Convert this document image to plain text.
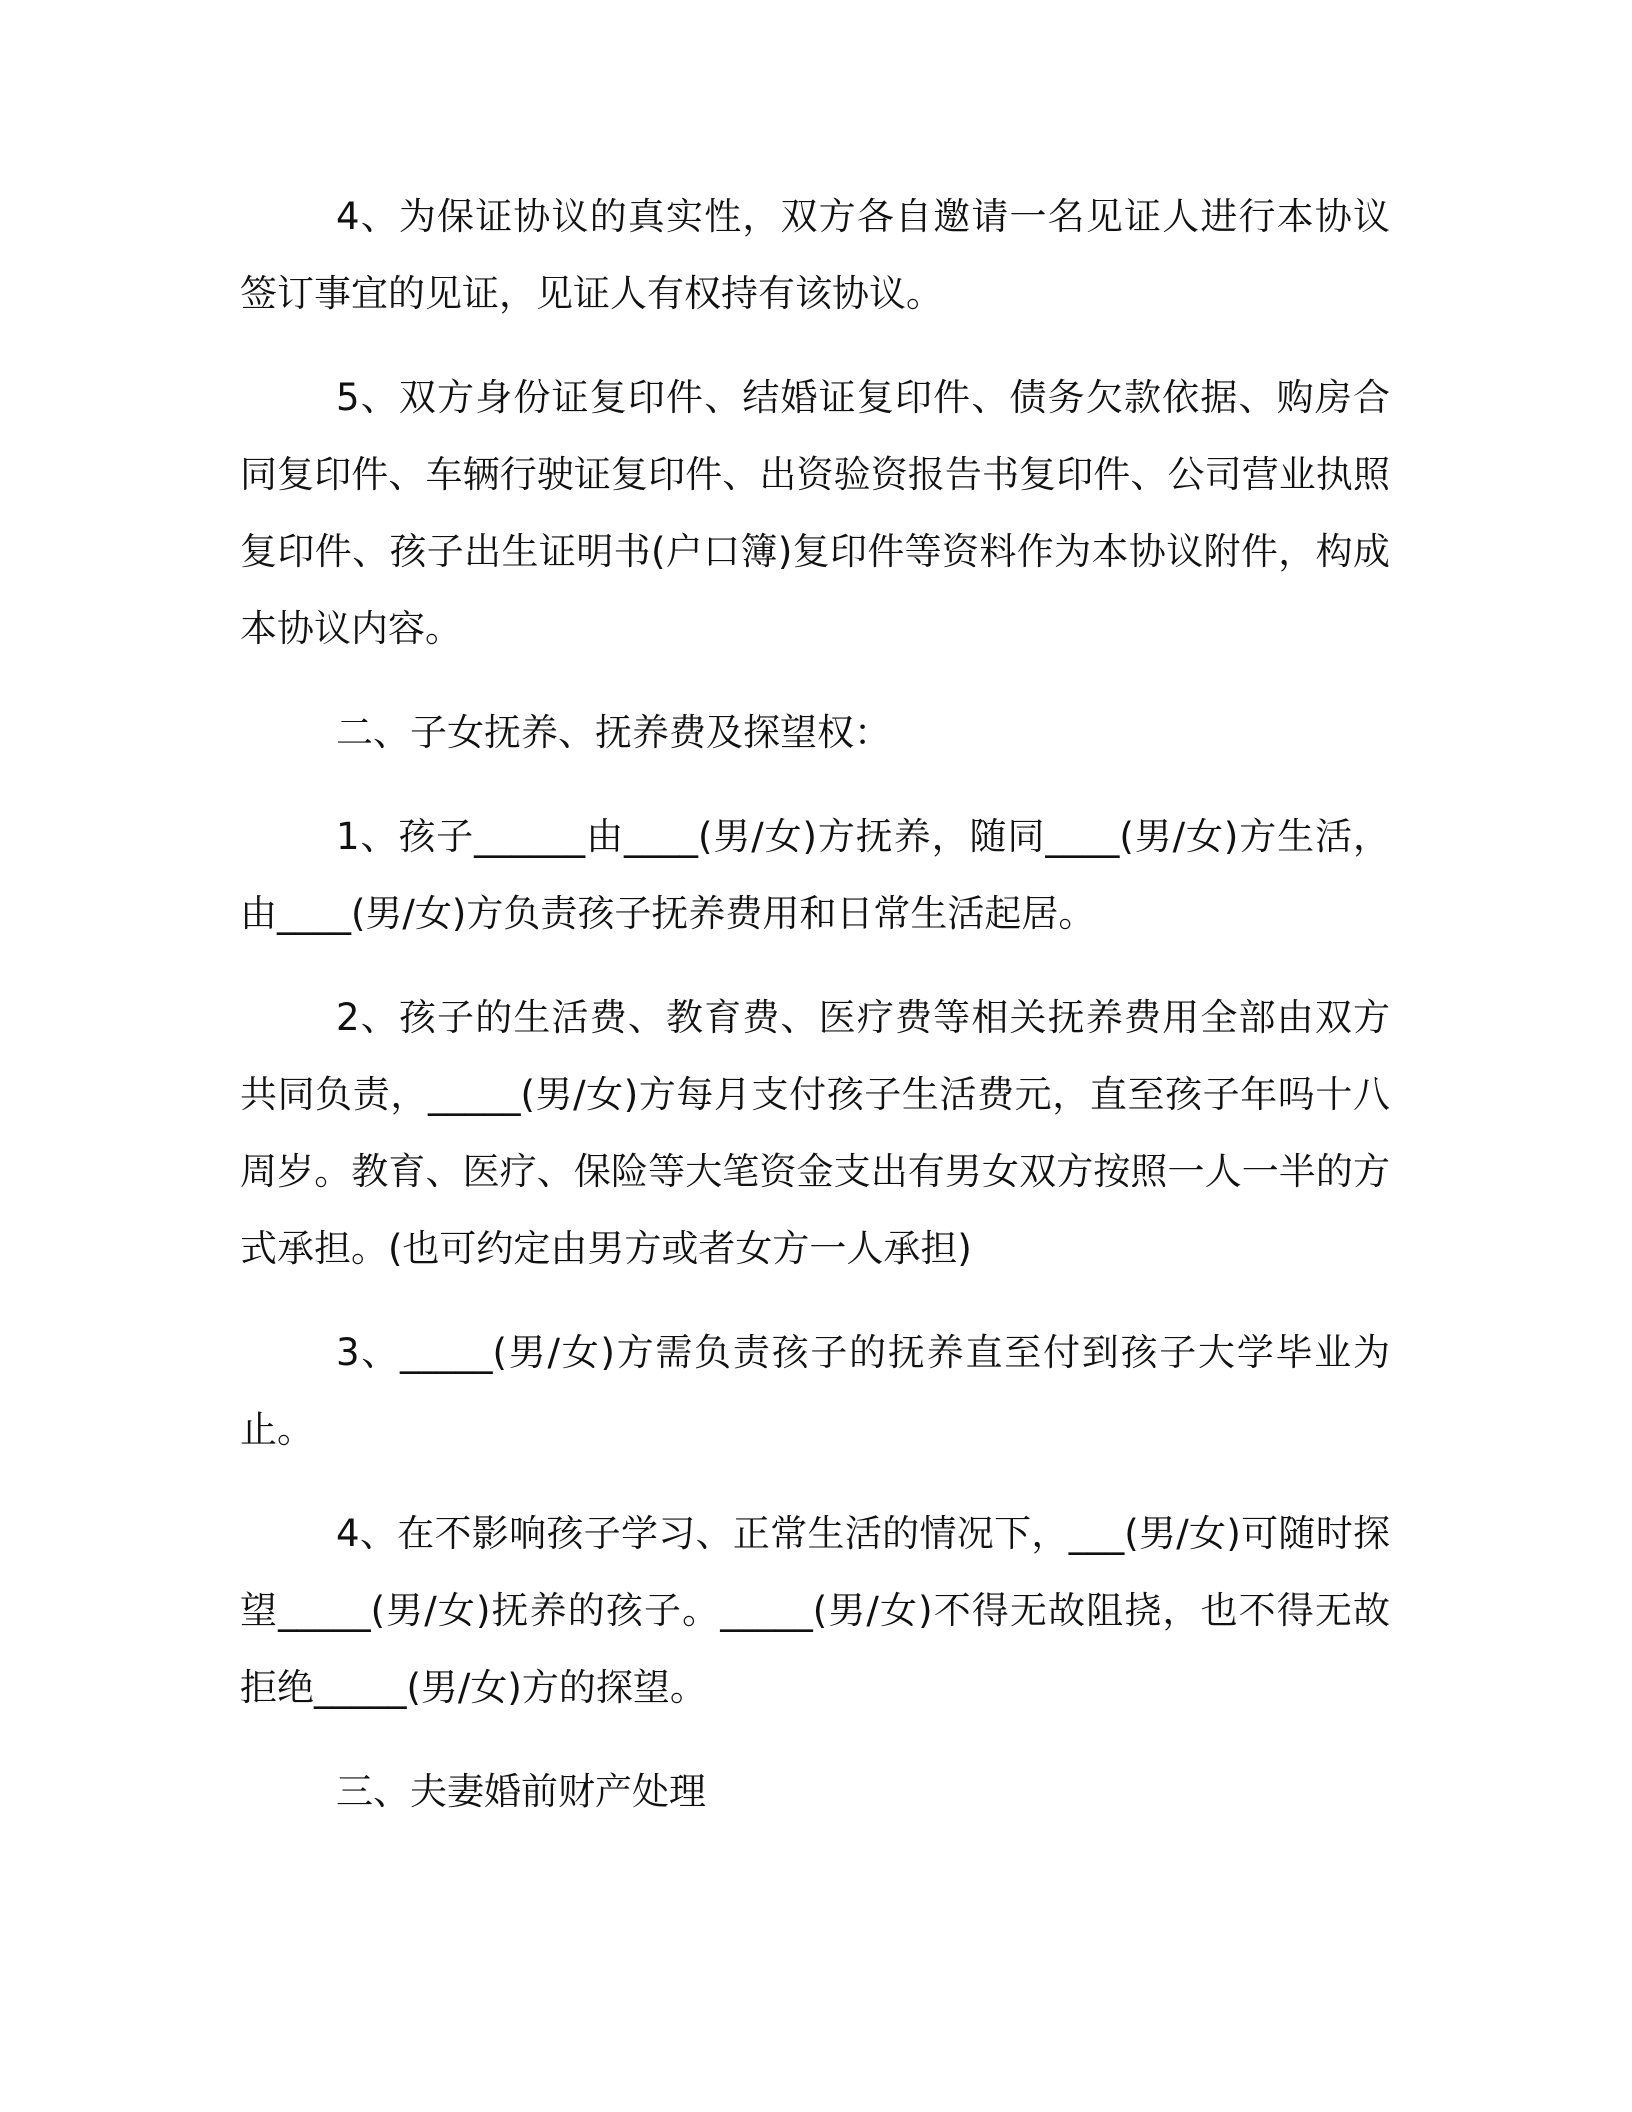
4、为保证协议的真实性，双方各自邀请一名见证人进行本协议签订事宜的见证，见证人有权持有该协议。

5、双方身份证复印件、结婚证复印件、债务欠款依据、购房合同复印件、车辆行驶证复印件、出资验资报告书复印件、公司营业执照复印件、孩子出生证明书(户口簿)复印件等资料作为本协议附件，构成本协议内容。

二、子女抚养、抚养费及探望权：

1、孩子______由____(男/女)方抚养，随同____(男/女)方生活，由____(男/女)方负责孩子抚养费用和日常生活起居。

2、孩子的生活费、教育费、医疗费等相关抚养费用全部由双方共同负责，_____(男/女)方每月支付孩子生活费元，直至孩子年吗十八周岁。教育、医疗、保险等大笔资金支出有男女双方按照一人一半的方式承担。(也可约定由男方或者女方一人承担)

3、_____(男/女)方需负责孩子的抚养直至付到孩子大学毕业为止。

4、在不影响孩子学习、正常生活的情况下，___(男/女)可随时探望_____(男/女)抚养的孩子。_____(男/女)不得无故阻挠，也不得无故拒绝_____(男/女)方的探望。

三、夫妻婚前财产处理
